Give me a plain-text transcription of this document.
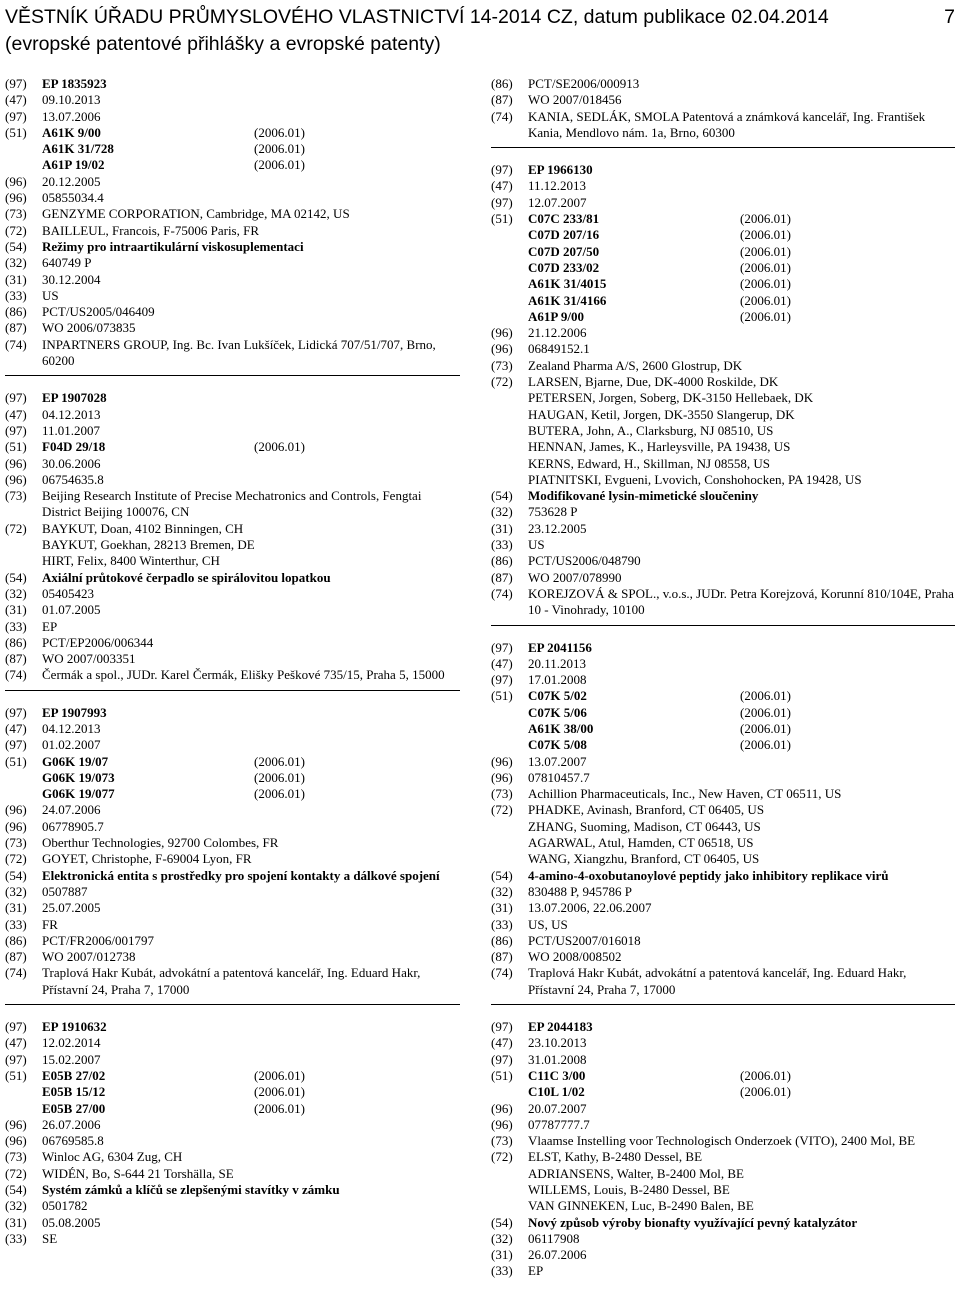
VĚSTNÍK ÚŘADU PRŮMYSLOVÉHO VLASTNICTVÍ 14-2014 CZ, datum publikace 02.04.2014
(evropské patentové přihlášky a evropské patenty)
7
(97) EP 1835923
(47) 09.10.2013
(97) 13.07.2006
(51) A61K 9/00	(2006.01)
A61K 31/728	(2006.01)
A61P 19/02	(2006.01)
(96) 20.12.2005
(96) 05855034.4
(73) GENZYME CORPORATION, Cambridge, MA 02142, US
(72) BAILLEUL, Francois, F-75006 Paris, FR
(54) Režimy pro intraartikulární viskosuplementaci
(32) 640749 P
(31) 30.12.2004
(33) US
(86) PCT/US2005/046409
(87) WO 2006/073835
(74) INPARTNERS GROUP, Ing. Bc. Ivan Lukšíček, Lidická 707/51/707, Brno, 60200
(97) EP 1907028
(47) 04.12.2013
(97) 11.01.2007
(51) F04D 29/18	(2006.01)
(96) 30.06.2006
(96) 06754635.8
(73) Beijing Research Institute of Precise Mechatronics and Controls, Fengtai District Beijing 100076, CN
(72) BAYKUT, Doan, 4102 Binningen, CH
BAYKUT, Goekhan, 28213 Bremen, DE
HIRT, Felix, 8400 Winterthur, CH
(54) Axiální průtokové čerpadlo se spirálovitou lopatkou
(32) 05405423
(31) 01.07.2005
(33) EP
(86) PCT/EP2006/006344
(87) WO 2007/003351
(74) Čermák a spol., JUDr. Karel Čermák, Elišky Peškové 735/15, Praha 5, 15000
(97) EP 1907993
(47) 04.12.2013
(97) 01.02.2007
(51) G06K 19/07	(2006.01)
G06K 19/073	(2006.01)
G06K 19/077	(2006.01)
(96) 24.07.2006
(96) 06778905.7
(73) Oberthur Technologies, 92700 Colombes, FR
(72) GOYET, Christophe, F-69004 Lyon, FR
(54) Elektronická entita s prostředky pro spojení kontakty a dálkové spojení
(32) 0507887
(31) 25.07.2005
(33) FR
(86) PCT/FR2006/001797
(87) WO 2007/012738
(74) Traplová Hakr Kubát, advokátní a patentová kancelář, Ing. Eduard Hakr, Přístavní 24, Praha 7, 17000
(97) EP 1910632
(47) 12.02.2014
(97) 15.02.2007
(51) E05B 27/02	(2006.01)
E05B 15/12	(2006.01)
E05B 27/00	(2006.01)
(96) 26.07.2006
(96) 06769585.8
(73) Winloc AG, 6304 Zug, CH
(72) WIDÉN, Bo, S-644 21 Torshälla, SE
(54) Systém zámků a klíčů se zlepšenými stavítky v zámku
(32) 0501782
(31) 05.08.2005
(33) SE
(86) PCT/SE2006/000913
(87) WO 2007/018456
(74) KANIA, SEDLÁK, SMOLA Patentová a známková kancelář, Ing. František Kania, Mendlovo nám. 1a, Brno, 60300
(97) EP 1966130
(47) 11.12.2013
(97) 12.07.2007
(51) C07C 233/81	(2006.01)
C07D 207/16	(2006.01)
C07D 207/50	(2006.01)
C07D 233/02	(2006.01)
A61K 31/4015	(2006.01)
A61K 31/4166	(2006.01)
A61P 9/00	(2006.01)
(96) 21.12.2006
(96) 06849152.1
(73) Zealand Pharma A/S, 2600 Glostrup, DK
(72) LARSEN, Bjarne, Due, DK-4000 Roskilde, DK
PETERSEN, Jorgen, Soberg, DK-3150 Hellebaek, DK
HAUGAN, Ketil, Jorgen, DK-3550 Slangerup, DK
BUTERA, John, A., Clarksburg, NJ 08510, US
HENNAN, James, K., Harleysville, PA 19438, US
KERNS, Edward, H., Skillman, NJ 08558, US
PIATNITSKI, Evgueni, Lvovich, Conshohocken, PA 19428, US
(54) Modifikované lysin-mimetické sloučeniny
(32) 753628 P
(31) 23.12.2005
(33) US
(86) PCT/US2006/048790
(87) WO 2007/078990
(74) KOREJZOVÁ & SPOL., v.o.s., JUDr. Petra Korejzová, Korunní 810/104E, Praha 10 - Vinohrady, 10100
(97) EP 2041156
(47) 20.11.2013
(97) 17.01.2008
(51) C07K 5/02	(2006.01)
C07K 5/06	(2006.01)
A61K 38/00	(2006.01)
C07K 5/08	(2006.01)
(96) 13.07.2007
(96) 07810457.7
(73) Achillion Pharmaceuticals, Inc., New Haven, CT 06511, US
(72) PHADKE, Avinash, Branford, CT 06405, US
ZHANG, Suoming, Madison, CT 06443, US
AGARWAL, Atul, Hamden, CT 06518, US
WANG, Xiangzhu, Branford, CT 06405, US
(54) 4-amino-4-oxobutanoylové peptidy jako inhibitory replikace virů
(32) 830488 P, 945786 P
(31) 13.07.2006, 22.06.2007
(33) US, US
(86) PCT/US2007/016018
(87) WO 2008/008502
(74) Traplová Hakr Kubát, advokátní a patentová kancelář, Ing. Eduard Hakr, Přístavní 24, Praha 7, 17000
(97) EP 2044183
(47) 23.10.2013
(97) 31.01.2008
(51) C11C 3/00	(2006.01)
C10L 1/02	(2006.01)
(96) 20.07.2007
(96) 07787777.7
(73) Vlaamse Instelling voor Technologisch Onderzoek (VITO), 2400 Mol, BE
(72) ELST, Kathy, B-2480 Dessel, BE
ADRIANSENS, Walter, B-2400 Mol, BE
WILLEMS, Louis, B-2480 Dessel, BE
VAN GINNEKEN, Luc, B-2490 Balen, BE
(54) Nový způsob výroby bionafty využívající pevný katalyzátor
(32) 06117908
(31) 26.07.2006
(33) EP
